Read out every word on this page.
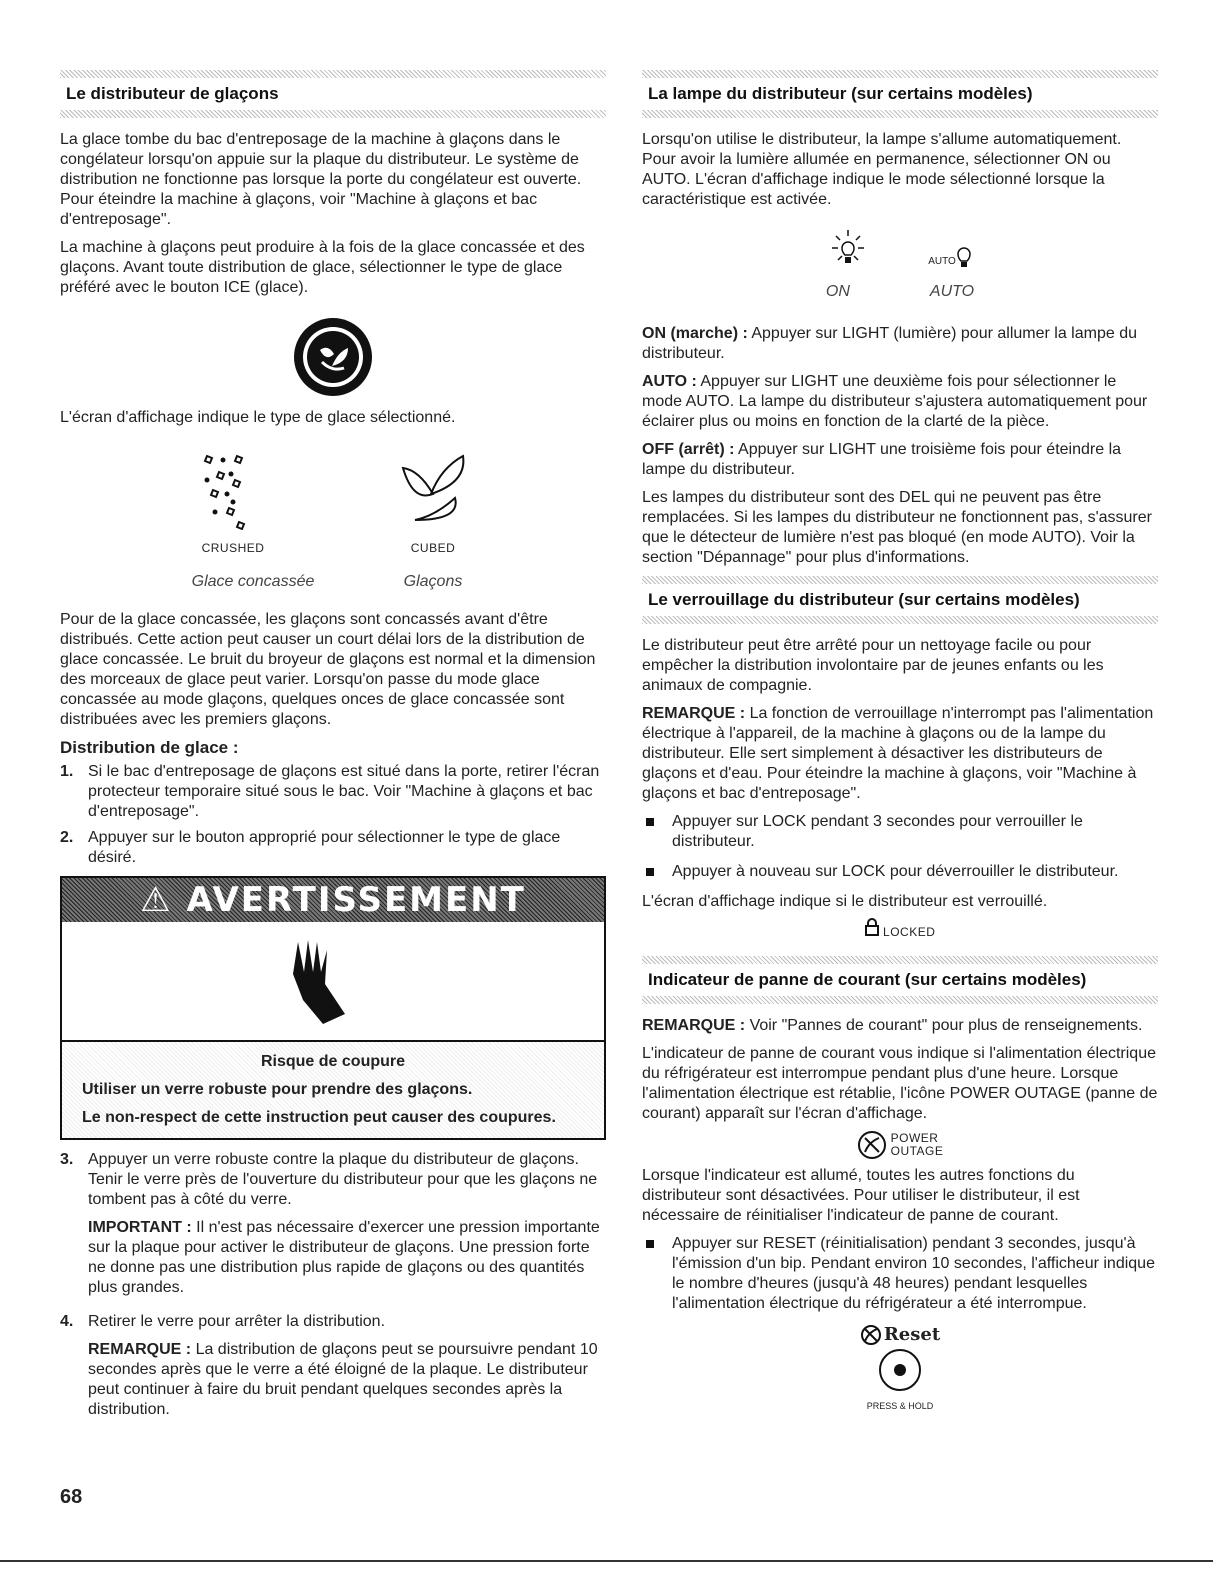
Le distributeur de glaçons

La glace tombe du bac d'entreposage de la machine à glaçons dans le congélateur lorsqu'on appuie sur la plaque du distributeur. Le système de distribution ne fonctionne pas lorsque la porte du congélateur est ouverte. Pour éteindre la machine à glaçons, voir "Machine à glaçons et bac d'entreposage".

La machine à glaçons peut produire à la fois de la glace concassée et des glaçons. Avant toute distribution de glace, sélectionner le type de glace préféré avec le bouton ICE (glace).

L'écran d'affichage indique le type de glace sélectionné.

CRUSHED	CUBED
Glace concassée	Glaçons

Pour de la glace concassée, les glaçons sont concassés avant d'être distribués. Cette action peut causer un court délai lors de la distribution de glace concassée. Le bruit du broyeur de glaçons est normal et la dimension des morceaux de glace peut varier. Lorsqu'on passe du mode glace concassée au mode glaçons, quelques onces de glace concassée sont distribuées avec les premiers glaçons.

Distribution de glace :
1. Si le bac d'entreposage de glaçons est situé dans la porte, retirer l'écran protecteur temporaire situé sous le bac. Voir "Machine à glaçons et bac d'entreposage".
2. Appuyer sur le bouton approprié pour sélectionner le type de glace désiré.
⚠ AVERTISSEMENT

Risque de coupure

Utiliser un verre robuste pour prendre des glaçons.

Le non-respect de cette instruction peut causer des coupures.

3. Appuyer un verre robuste contre la plaque du distributeur de glaçons. Tenir le verre près de l'ouverture du distributeur pour que les glaçons ne tombent pas à côté du verre.

IMPORTANT : Il n'est pas nécessaire d'exercer une pression importante sur la plaque pour activer le distributeur de glaçons. Une pression forte ne donne pas une distribution plus rapide de glaçons ou des quantités plus grandes.

4. Retirer le verre pour arrêter la distribution.

REMARQUE : La distribution de glaçons peut se poursuivre pendant 10 secondes après que le verre a été éloigné de la plaque. Le distributeur peut continuer à faire du bruit pendant quelques secondes après la distribution.

La lampe du distributeur (sur certains modèles)

Lorsqu'on utilise le distributeur, la lampe s'allume automatiquement. Pour avoir la lumière allumée en permanence, sélectionner ON ou AUTO. L'écran d'affichage indique le mode sélectionné lorsque la caractéristique est activée.

AUTO
ON	AUTO

ON (marche) : Appuyer sur LIGHT (lumière) pour allumer la lampe du distributeur.

AUTO : Appuyer sur LIGHT une deuxième fois pour sélectionner le mode AUTO. La lampe du distributeur s'ajustera automatiquement pour éclairer plus ou moins en fonction de la clarté de la pièce.

OFF (arrêt) : Appuyer sur LIGHT une troisième fois pour éteindre la lampe du distributeur.

Les lampes du distributeur sont des DEL qui ne peuvent pas être remplacées. Si les lampes du distributeur ne fonctionnent pas, s'assurer que le détecteur de lumière n'est pas bloqué (en mode AUTO). Voir la section "Dépannage" pour plus d'informations.

Le verrouillage du distributeur (sur certains modèles)

Le distributeur peut être arrêté pour un nettoyage facile ou pour empêcher la distribution involontaire par de jeunes enfants ou les animaux de compagnie.

REMARQUE : La fonction de verrouillage n'interrompt pas l'alimentation électrique à l'appareil, de la machine à glaçons ou de la lampe du distributeur. Elle sert simplement à désactiver les distributeurs de glaçons et d'eau. Pour éteindre la machine à glaçons, voir "Machine à glaçons et bac d'entreposage".

Appuyer sur LOCK pendant 3 secondes pour verrouiller le distributeur.
Appuyer à nouveau sur LOCK pour déverrouiller le distributeur.

L'écran d'affichage indique si le distributeur est verrouillé.

LOCKED
Indicateur de panne de courant (sur certains modèles)

REMARQUE : Voir "Pannes de courant" pour plus de renseignements.

L'indicateur de panne de courant vous indique si l'alimentation électrique du réfrigérateur est interrompue pendant plus d'une heure. Lorsque l'alimentation électrique est rétablie, l'icône POWER OUTAGE (panne de courant) apparaît sur l'écran d'affichage.

POWER
OUTAGE

Lorsque l'indicateur est allumé, toutes les autres fonctions du distributeur sont désactivées. Pour utiliser le distributeur, il est nécessaire de réinitialiser l'indicateur de panne de courant.

Appuyer sur RESET (réinitialisation) pendant 3 secondes, jusqu'à l'émission d'un bip. Pendant environ 10 secondes, l'afficheur indique le nombre d'heures (jusqu'à 48 heures) pendant lesquelles l'alimentation électrique du réfrigérateur a été interrompue.
Reset
PRESS & HOLD
68
